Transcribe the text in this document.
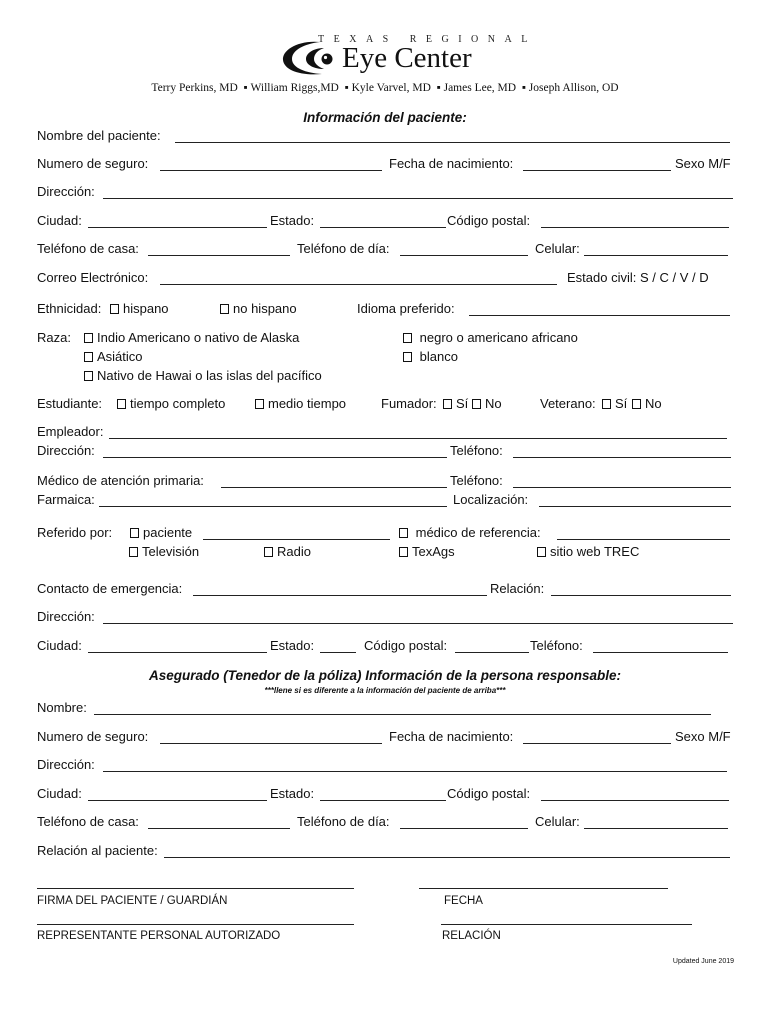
TEXAS REGIONAL
Eye Center
Terry Perkins, MD  ▪ William Riggs,MD  ▪ Kyle Varvel, MD  ▪ James Lee, MD  ▪ Joseph Allison, OD
Información del paciente:
Nombre del paciente:
Numero de seguro:	Fecha de nacimiento:	Sexo M/F
Dirección:
Ciudad:	Estado:	Código postal:
Teléfono de casa:	Teléfono de día:	Celular:
Correo Electrónico:	Estado civil: S / C / V / D
Ethnicidad:	hispano	no hispano	Idioma preferido:
Raza:	Indio Americano o nativo de Alaska	negro o americano africano
Asiático	blanco
Nativo de Hawai o las islas del pacífico
Estudiante:	tiempo completo	medio tiempo	Fumador:	Sí	No	Veterano:	Sí	No
Empleador:
Dirección:	Teléfono:
Médico de atención primaria:	Teléfono:
Farmaica:	Localización:
Referido por:	paciente	médico de referencia:
Televisión	Radio	TexAgs	sitio web TREC
Contacto de emergencia:	Relación:
Dirección:
Ciudad:	Estado:	Código postal:	Teléfono:
Asegurado (Tenedor de la póliza) Información de la persona responsable:
***llene si es diferente a la información del paciente de arriba***
Nombre:
Numero de seguro:	Fecha de nacimiento:	Sexo M/F
Dirección:
Ciudad:	Estado:	Código postal:
Teléfono de casa:	Teléfono de día:	Celular:
Relación al paciente:
FIRMA DEL PACIENTE / GUARDIÁN	FECHA
REPRESENTANTE PERSONAL AUTORIZADO	RELACIÓN
Updated June 2019
